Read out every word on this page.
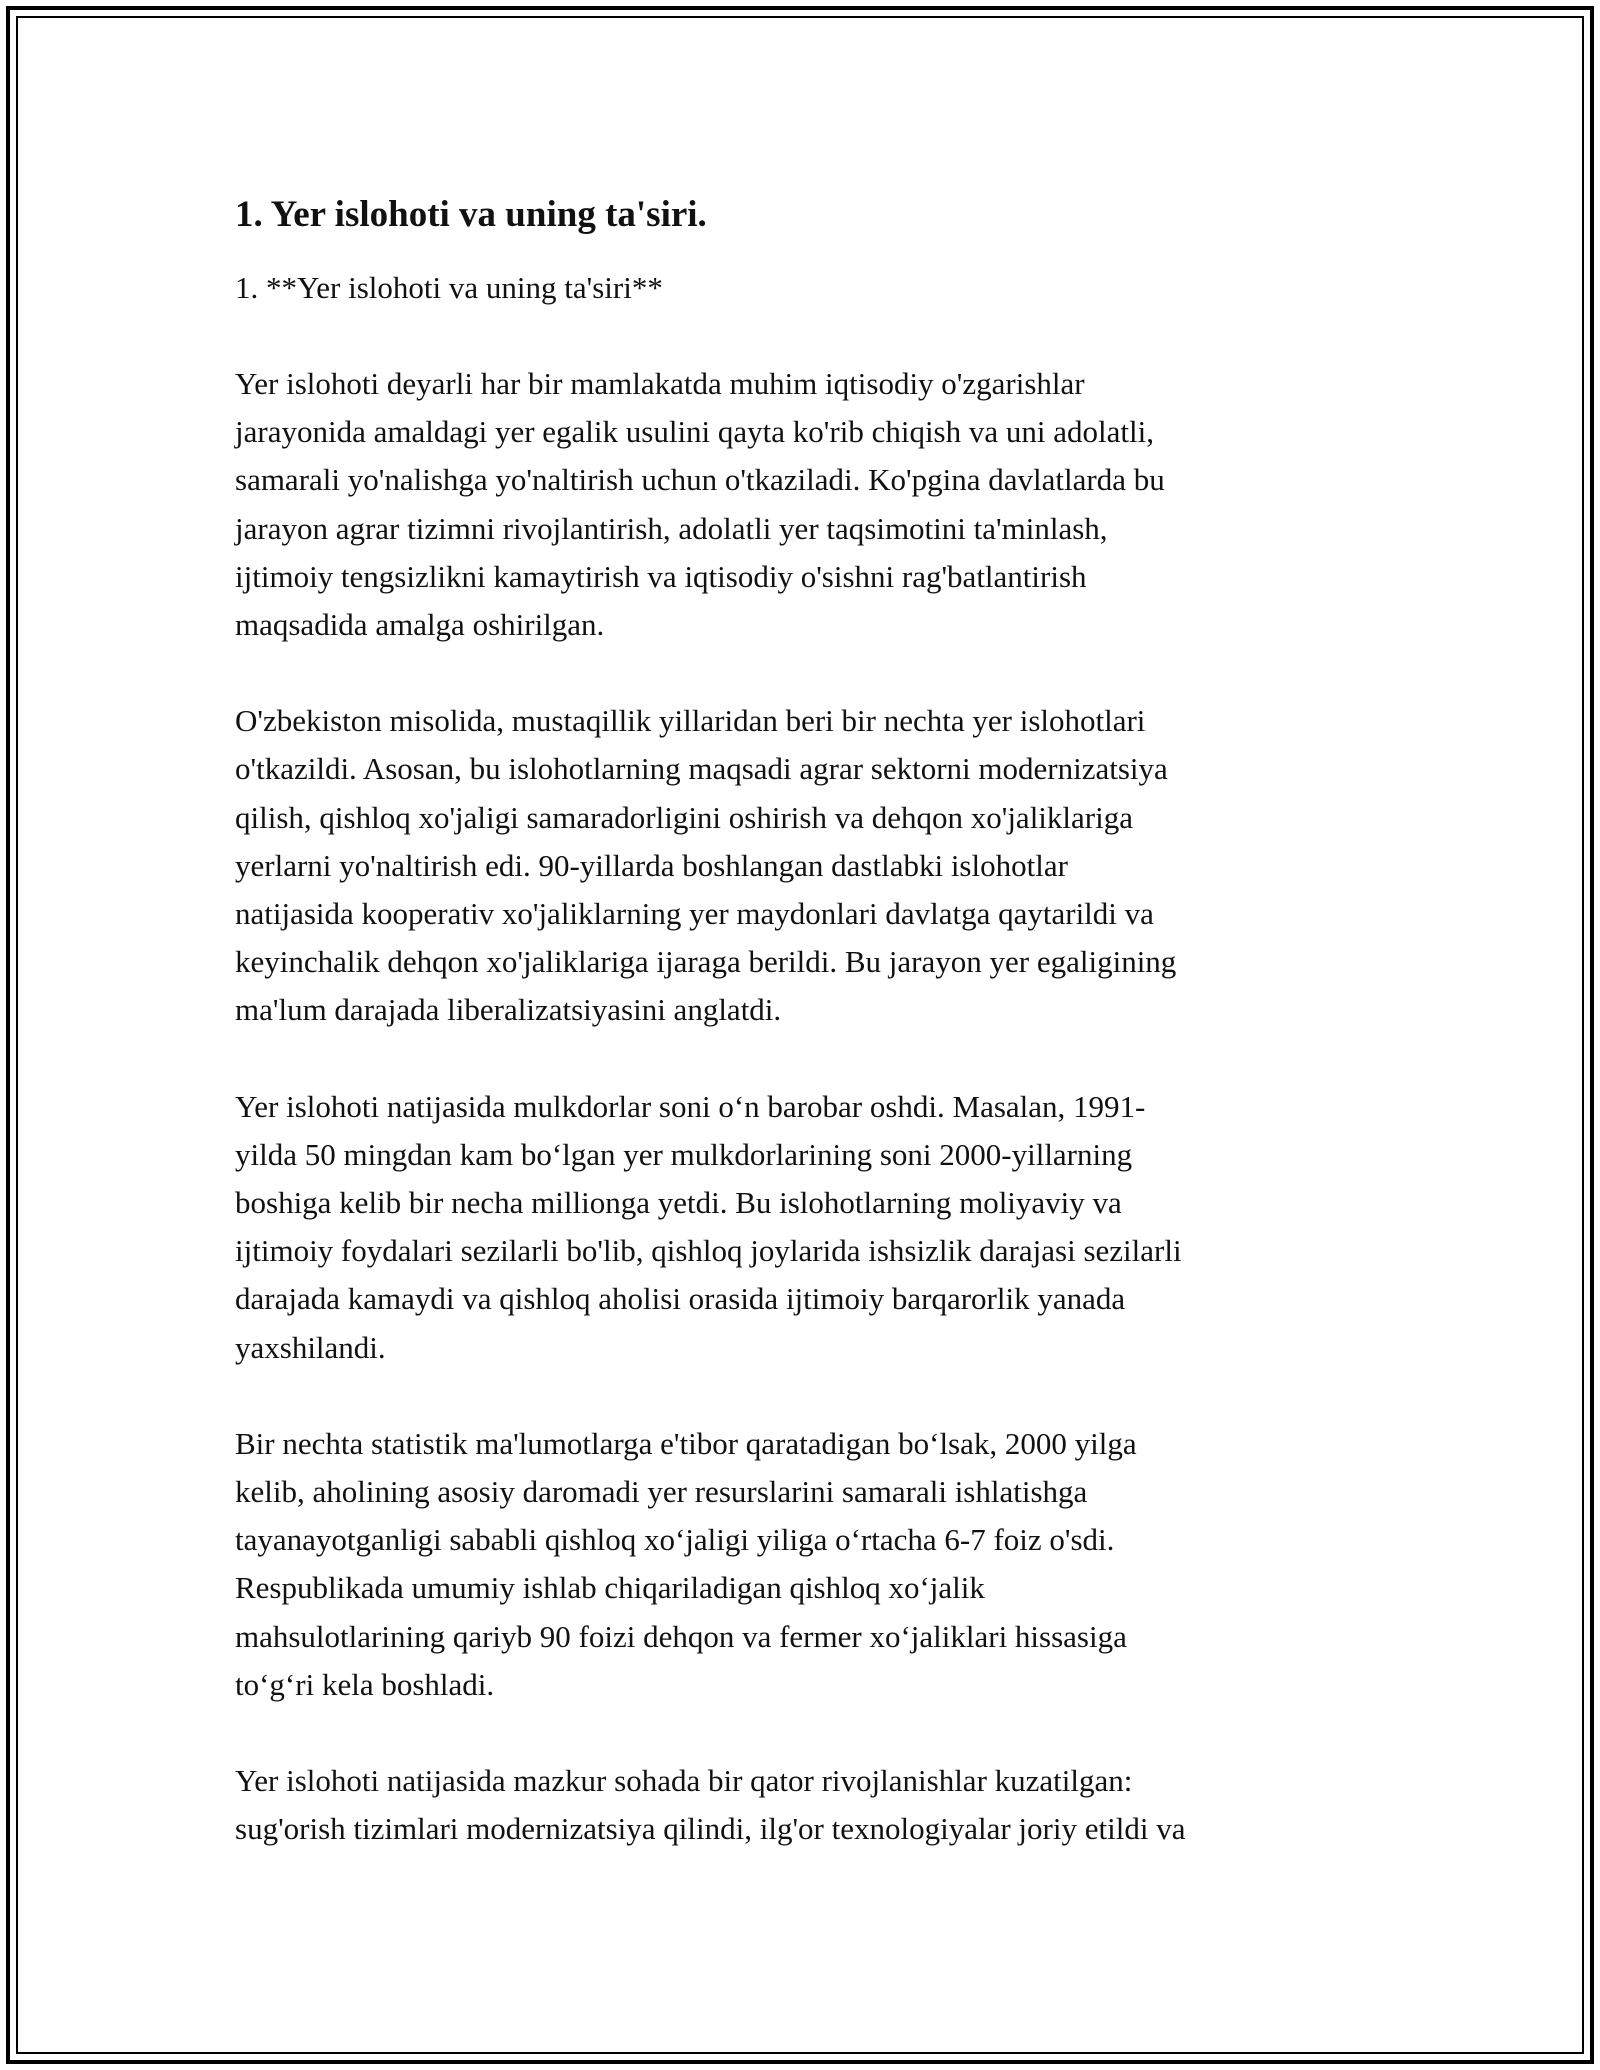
1. Yer islohoti va uning ta'siri.

1. **Yer islohoti va uning ta'siri**

Yer islohoti deyarli har bir mamlakatda muhim iqtisodiy o'zgarishlar
jarayonida amaldagi yer egalik usulini qayta ko'rib chiqish va uni adolatli,
samarali yo'nalishga yo'naltirish uchun o'tkaziladi. Ko'pgina davlatlarda bu
jarayon agrar tizimni rivojlantirish, adolatli yer taqsimotini ta'minlash,
ijtimoiy tengsizlikni kamaytirish va iqtisodiy o'sishni rag'batlantirish
maqsadida amalga oshirilgan.

O'zbekiston misolida, mustaqillik yillaridan beri bir nechta yer islohotlari
o'tkazildi. Asosan, bu islohotlarning maqsadi agrar sektorni modernizatsiya
qilish, qishloq xo'jaligi samaradorligini oshirish va dehqon xo'jaliklariga
yerlarni yo'naltirish edi. 90-yillarda boshlangan dastlabki islohotlar
natijasida kooperativ xo'jaliklarning yer maydonlari davlatga qaytarildi va
keyinchalik dehqon xo'jaliklariga ijaraga berildi. Bu jarayon yer egaligining
ma'lum darajada liberalizatsiyasini anglatdi.

Yer islohoti natijasida mulkdorlar soni o‘n barobar oshdi. Masalan, 1991-
yilda 50 mingdan kam bo‘lgan yer mulkdorlarining soni 2000-yillarning
boshiga kelib bir necha millionga yetdi. Bu islohotlarning moliyaviy va
ijtimoiy foydalari sezilarli bo'lib, qishloq joylarida ishsizlik darajasi sezilarli
darajada kamaydi va qishloq aholisi orasida ijtimoiy barqarorlik yanada
yaxshilandi.

Bir nechta statistik ma'lumotlarga e'tibor qaratadigan bo‘lsak, 2000 yilga
kelib, aholining asosiy daromadi yer resurslarini samarali ishlatishga
tayanayotganligi sababli qishloq xo‘jaligi yiliga o‘rtacha 6-7 foiz o'sdi.
Respublikada umumiy ishlab chiqariladigan qishloq xo‘jalik
mahsulotlarining qariyb 90 foizi dehqon va fermer xo‘jaliklari hissasiga
to‘g‘ri kela boshladi.

Yer islohoti natijasida mazkur sohada bir qator rivojlanishlar kuzatilgan:
sug'orish tizimlari modernizatsiya qilindi, ilg'or texnologiyalar joriy etildi va
